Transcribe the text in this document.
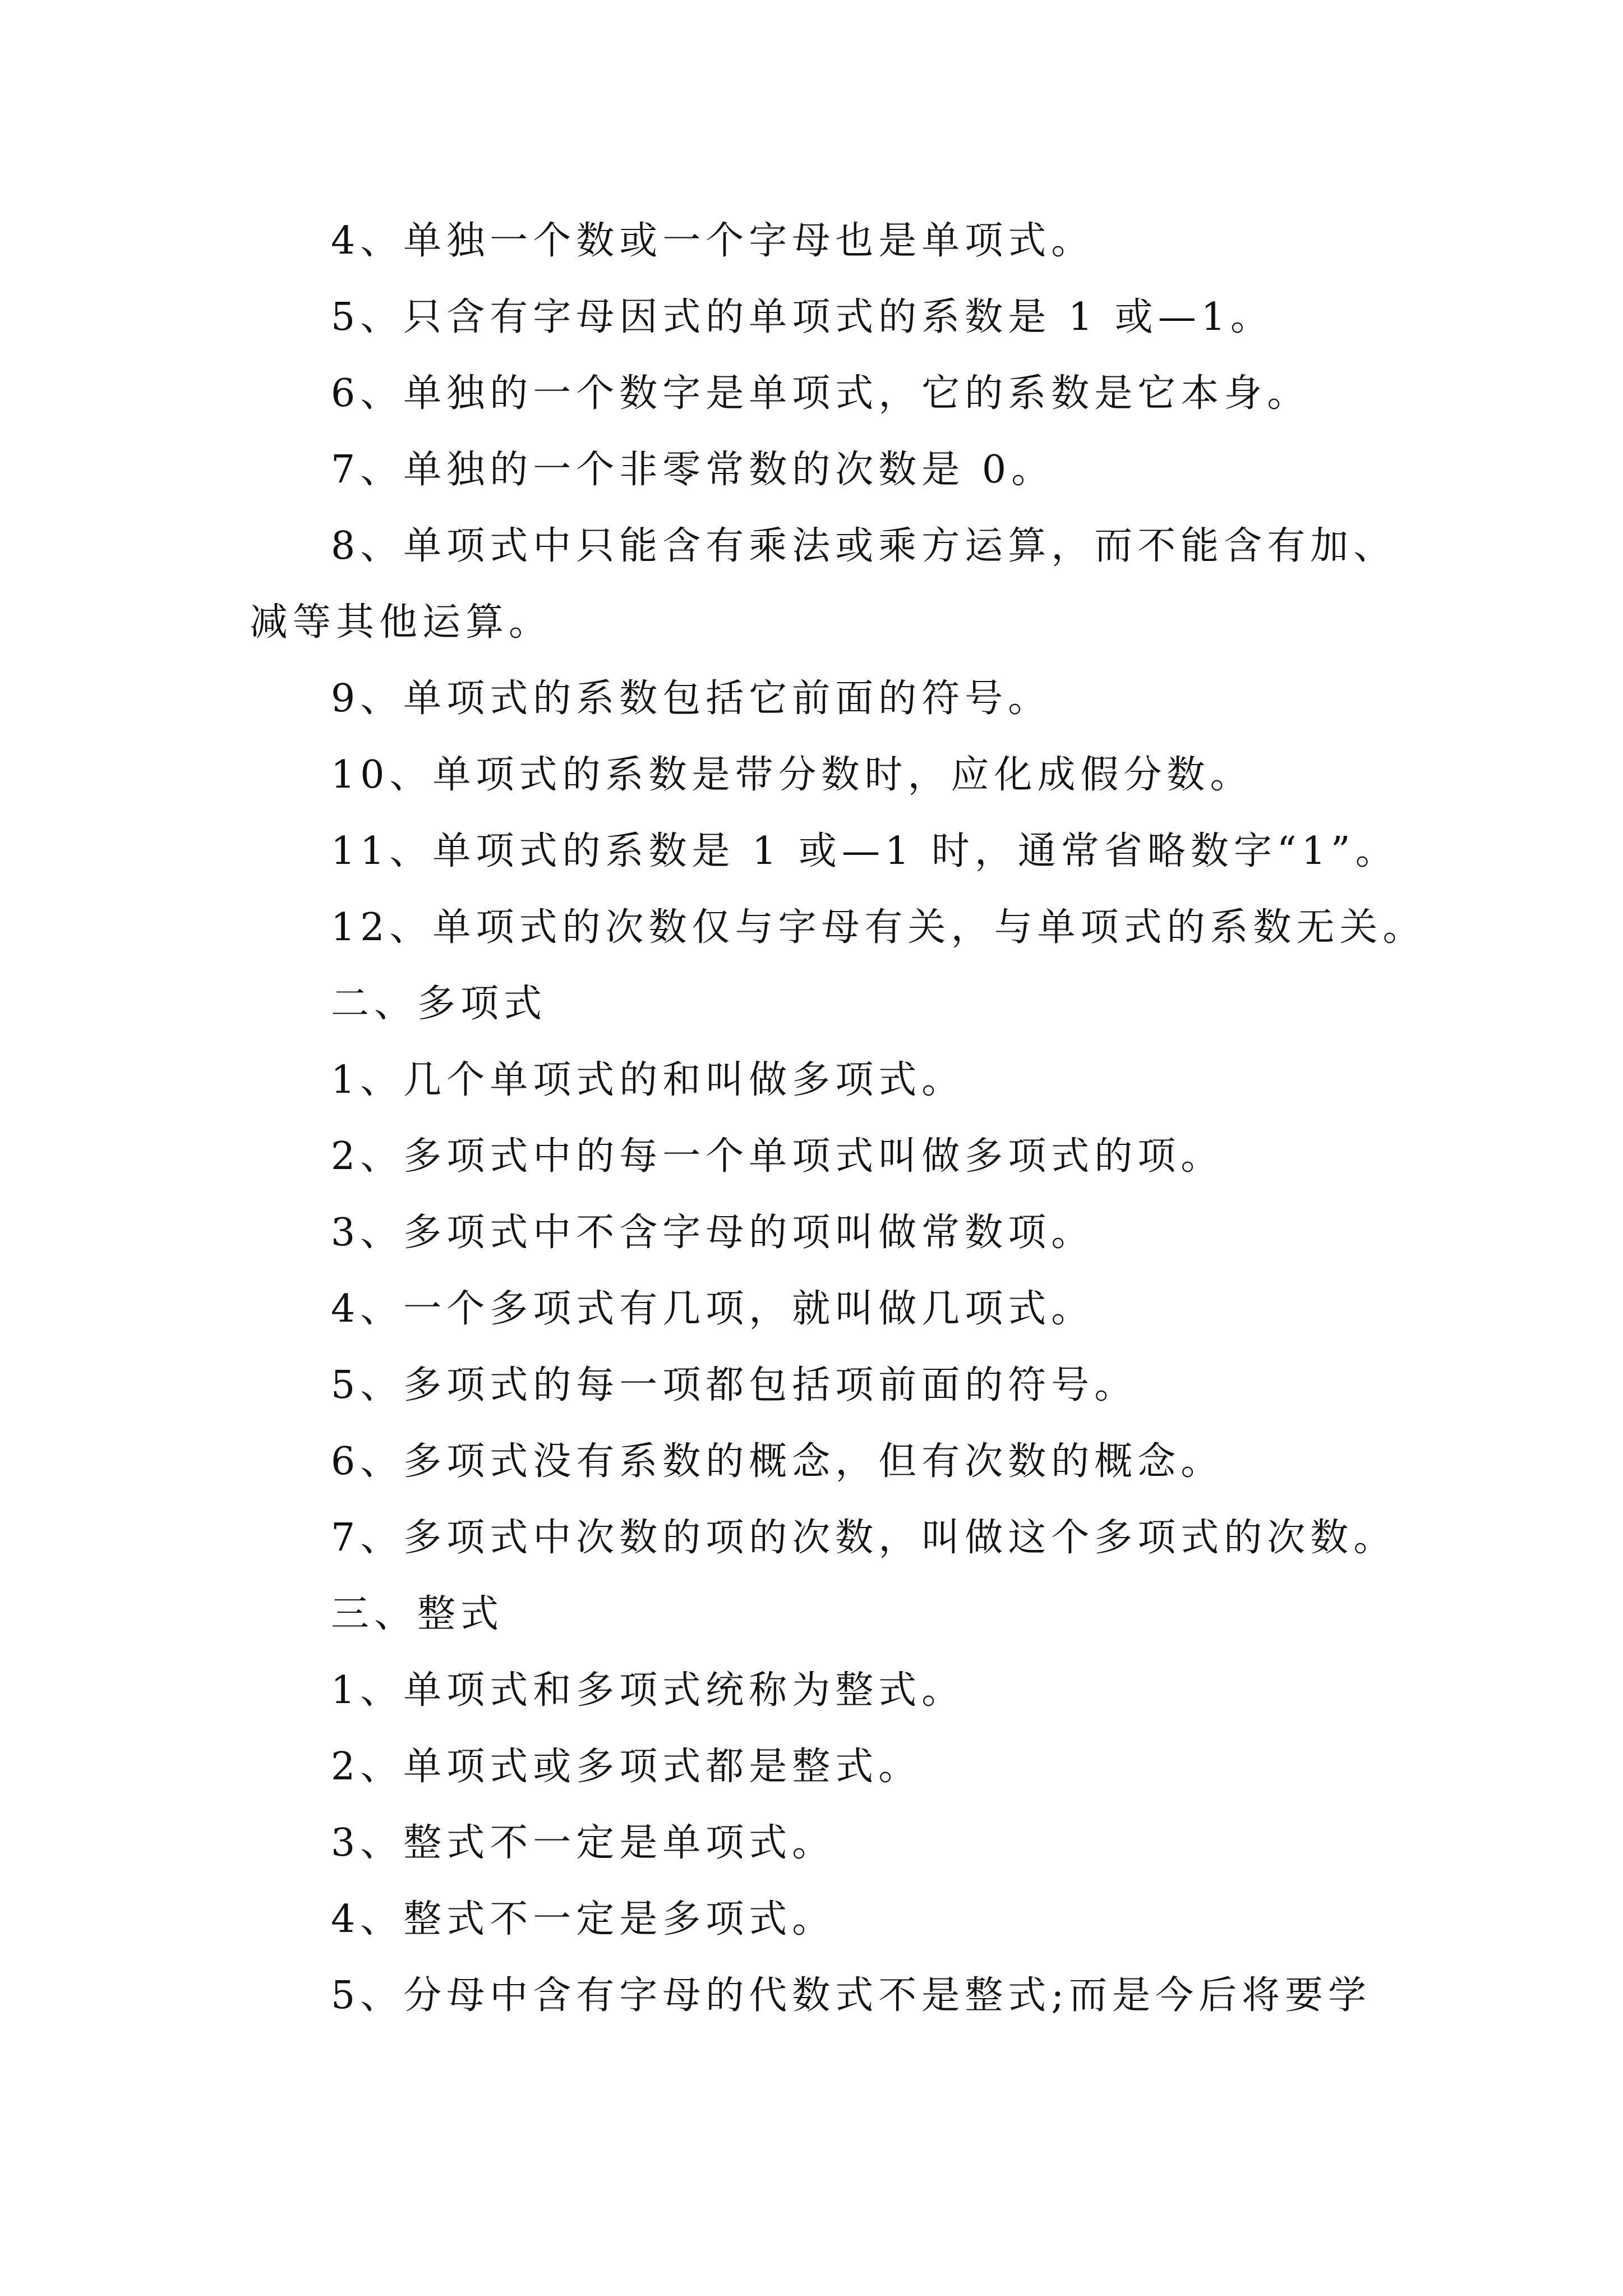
4、单独一个数或一个字母也是单项式。
5、只含有字母因式的单项式的系数是 1 或—1。
6、单独的一个数字是单项式，它的系数是它本身。
7、单独的一个非零常数的次数是 0。
8、单项式中只能含有乘法或乘方运算，而不能含有加、
减等其他运算。
9、单项式的系数包括它前面的符号。
10、单项式的系数是带分数时，应化成假分数。
11、单项式的系数是 1 或—1 时，通常省略数字“1”。
12、单项式的次数仅与字母有关，与单项式的系数无关。
二、多项式
1、几个单项式的和叫做多项式。
2、多项式中的每一个单项式叫做多项式的项。
3、多项式中不含字母的项叫做常数项。
4、一个多项式有几项，就叫做几项式。
5、多项式的每一项都包括项前面的符号。
6、多项式没有系数的概念，但有次数的概念。
7、多项式中次数的项的次数，叫做这个多项式的次数。
三、整式
1、单项式和多项式统称为整式。
2、单项式或多项式都是整式。
3、整式不一定是单项式。
4、整式不一定是多项式。
5、分母中含有字母的代数式不是整式;而是今后将要学
